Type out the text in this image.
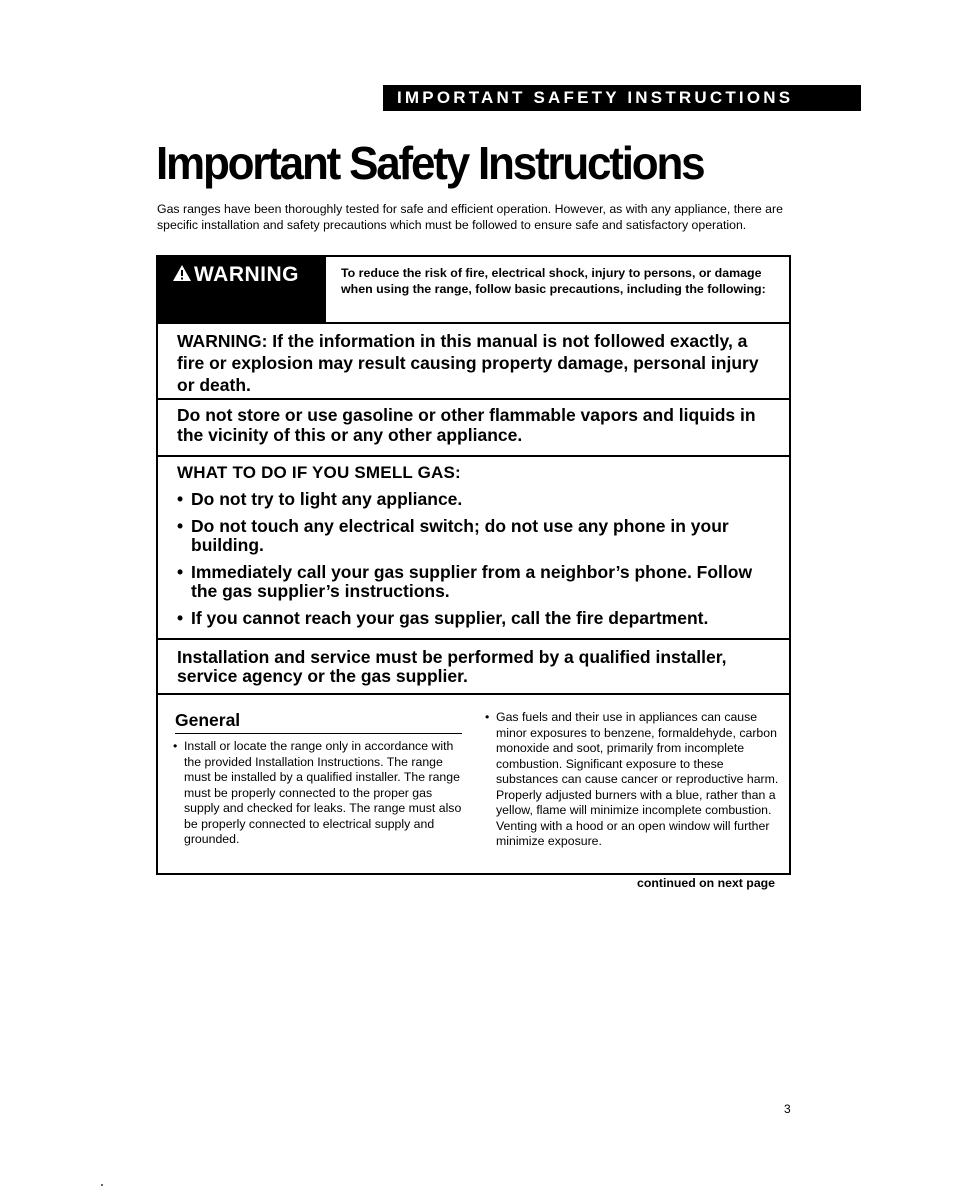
IMPORTANT SAFETY INSTRUCTIONS
Important Safety Instructions

Gas ranges have been thoroughly tested for safe and efficient operation. However, as with any appliance, there are specific installation and safety precautions which must be followed to ensure safe and satisfactory operation.

WARNING	To reduce the risk of fire, electrical shock, injury to persons, or damage when using the range, follow basic precautions, including the following:

WARNING: If the information in this manual is not followed exactly, a fire or explosion may result causing property damage, personal injury or death.

Do not store or use gasoline or other flammable vapors and liquids in the vicinity of this or any other appliance.

WHAT TO DO IF YOU SMELL GAS:

• Do not try to light any appliance.
• Do not touch any electrical switch; do not use any phone in your building.
• Immediately call your gas supplier from a neighbor’s phone. Follow the gas supplier’s instructions.
• If you cannot reach your gas supplier, call the fire department.

Installation and service must be performed by a qualified installer, service agency or the gas supplier.

General
• Install or locate the range only in accordance with the provided Installation Instructions. The range must be installed by a qualified installer. The range must be properly connected to the proper gas supply and checked for leaks. The range must also be properly connected to electrical supply and grounded.
• Gas fuels and their use in appliances can cause minor exposures to benzene, formaldehyde, carbon monoxide and soot, primarily from incomplete combustion. Significant exposure to these substances can cause cancer or reproductive harm. Properly adjusted burners with a blue, rather than a yellow, flame will minimize incomplete combustion. Venting with a hood or an open window will further minimize exposure.

continued on next page

3
